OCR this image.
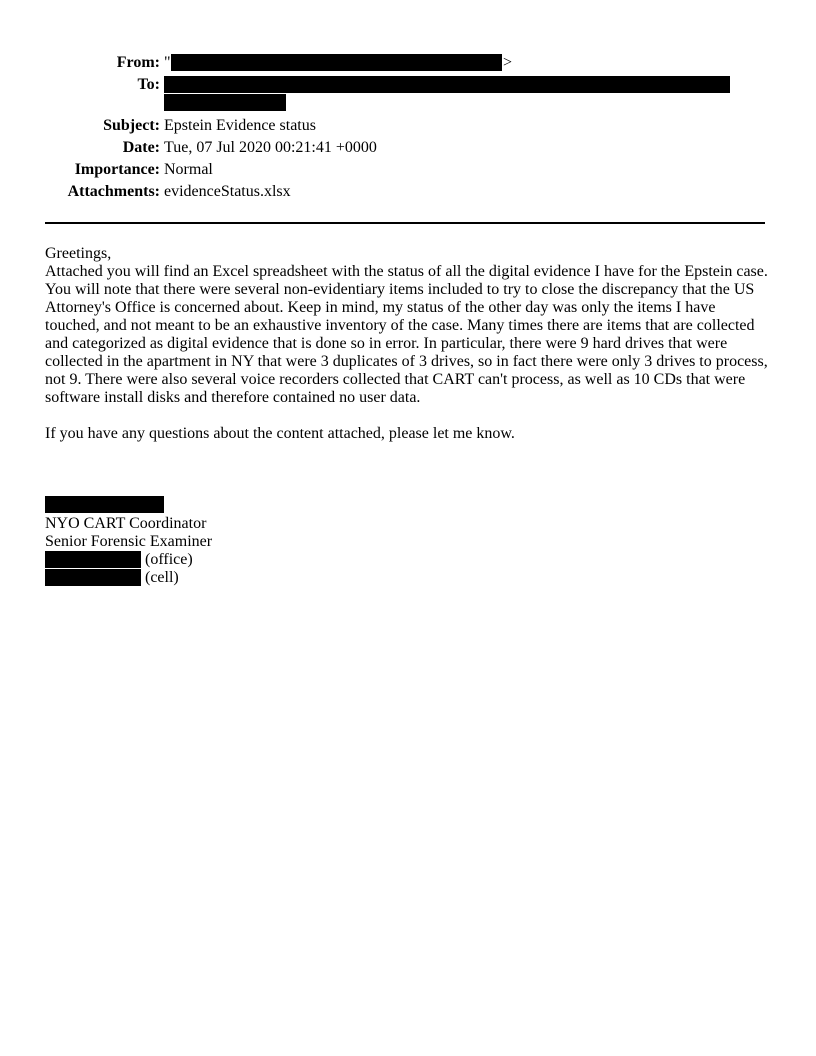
From: "	>
To:
Subject: Epstein Evidence status
Date: Tue, 07 Jul 2020 00:21:41 +0000
Importance: Normal
Attachments: evidenceStatus.xlsx
Greetings,
Attached you will find an Excel spreadsheet with the status of all the digital evidence I have for the Epstein case.
You will note that there were several non-evidentiary items included to try to close the discrepancy that the US
Attorney's Office is concerned about. Keep in mind, my status of the other day was only the items I have
touched, and not meant to be an exhaustive inventory of the case. Many times there are items that are collected
and categorized as digital evidence that is done so in error. In particular, there were 9 hard drives that were
collected in the apartment in NY that were 3 duplicates of 3 drives, so in fact there were only 3 drives to process,
not 9. There were also several voice recorders collected that CART can't process, as well as 10 CDs that were
software install disks and therefore contained no user data.
If you have any questions about the content attached, please let me know.
NYO CART Coordinator
Senior Forensic Examiner
(office)
(cell)
